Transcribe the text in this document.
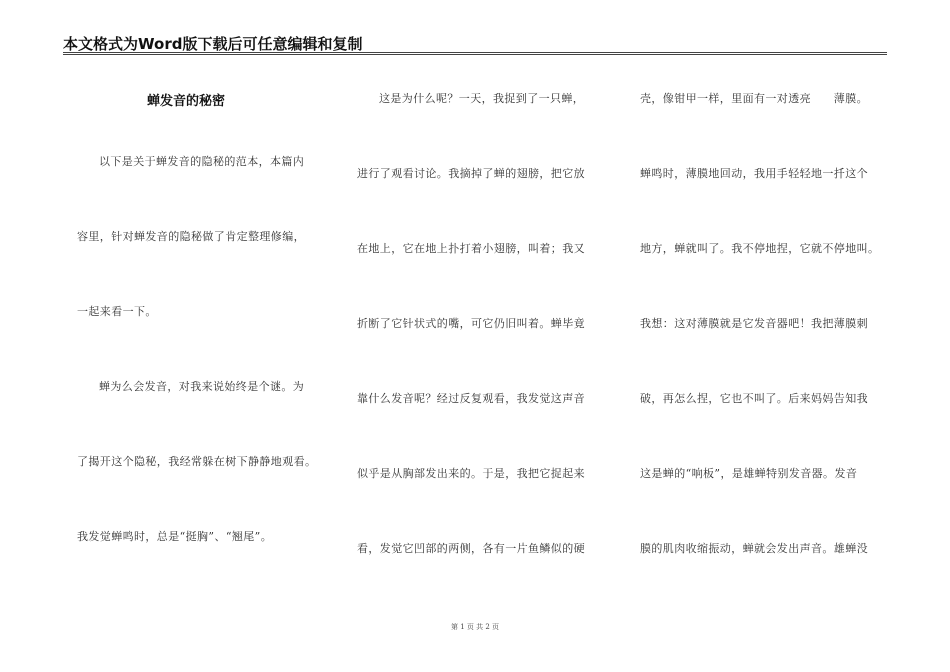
本文格式为Word版下载后可任意编辑和复制
蝉发音的秘密
以下是关于蝉发音的隐秘的范本，本篇内
容里，针对蝉发音的隐秘做了肯定整理修编，
一起来看一下。
蝉为么会发音，对我来说始终是个谜。为
了揭开这个隐秘，我经常躲在树下静静地观看。
我发觉蝉鸣时，总是“挺胸”、“翘尾”。
这是为什么呢？一天，我捉到了一只蝉，
进行了观看讨论。我摘掉了蝉的翅膀，把它放
在地上，它在地上扑打着小翅膀，叫着；我又
折断了它针状式的嘴，可它仍旧叫着。蝉毕竟
靠什么发音呢？经过反复观看，我发觉这声音
似乎是从胸部发出来的。于是，我把它捉起来
看，发觉它凹部的两侧，各有一片鱼鳞似的硬
壳，像钳甲一样，里面有一对透亮　　薄膜。
蝉鸣时，薄膜地回动，我用手轻轻地一扦这个
地方，蝉就叫了。我不停地捏，它就不停地叫。
我想：这对薄膜就是它发音器吧！我把薄膜刺
破，再怎么捏，它也不叫了。后来妈妈告知我
这是蝉的“响板”，是雄蝉特别发音器。发音
膜的肌肉收缩振动，蝉就会发出声音。雄蝉没
第 1 页 共 2 页
